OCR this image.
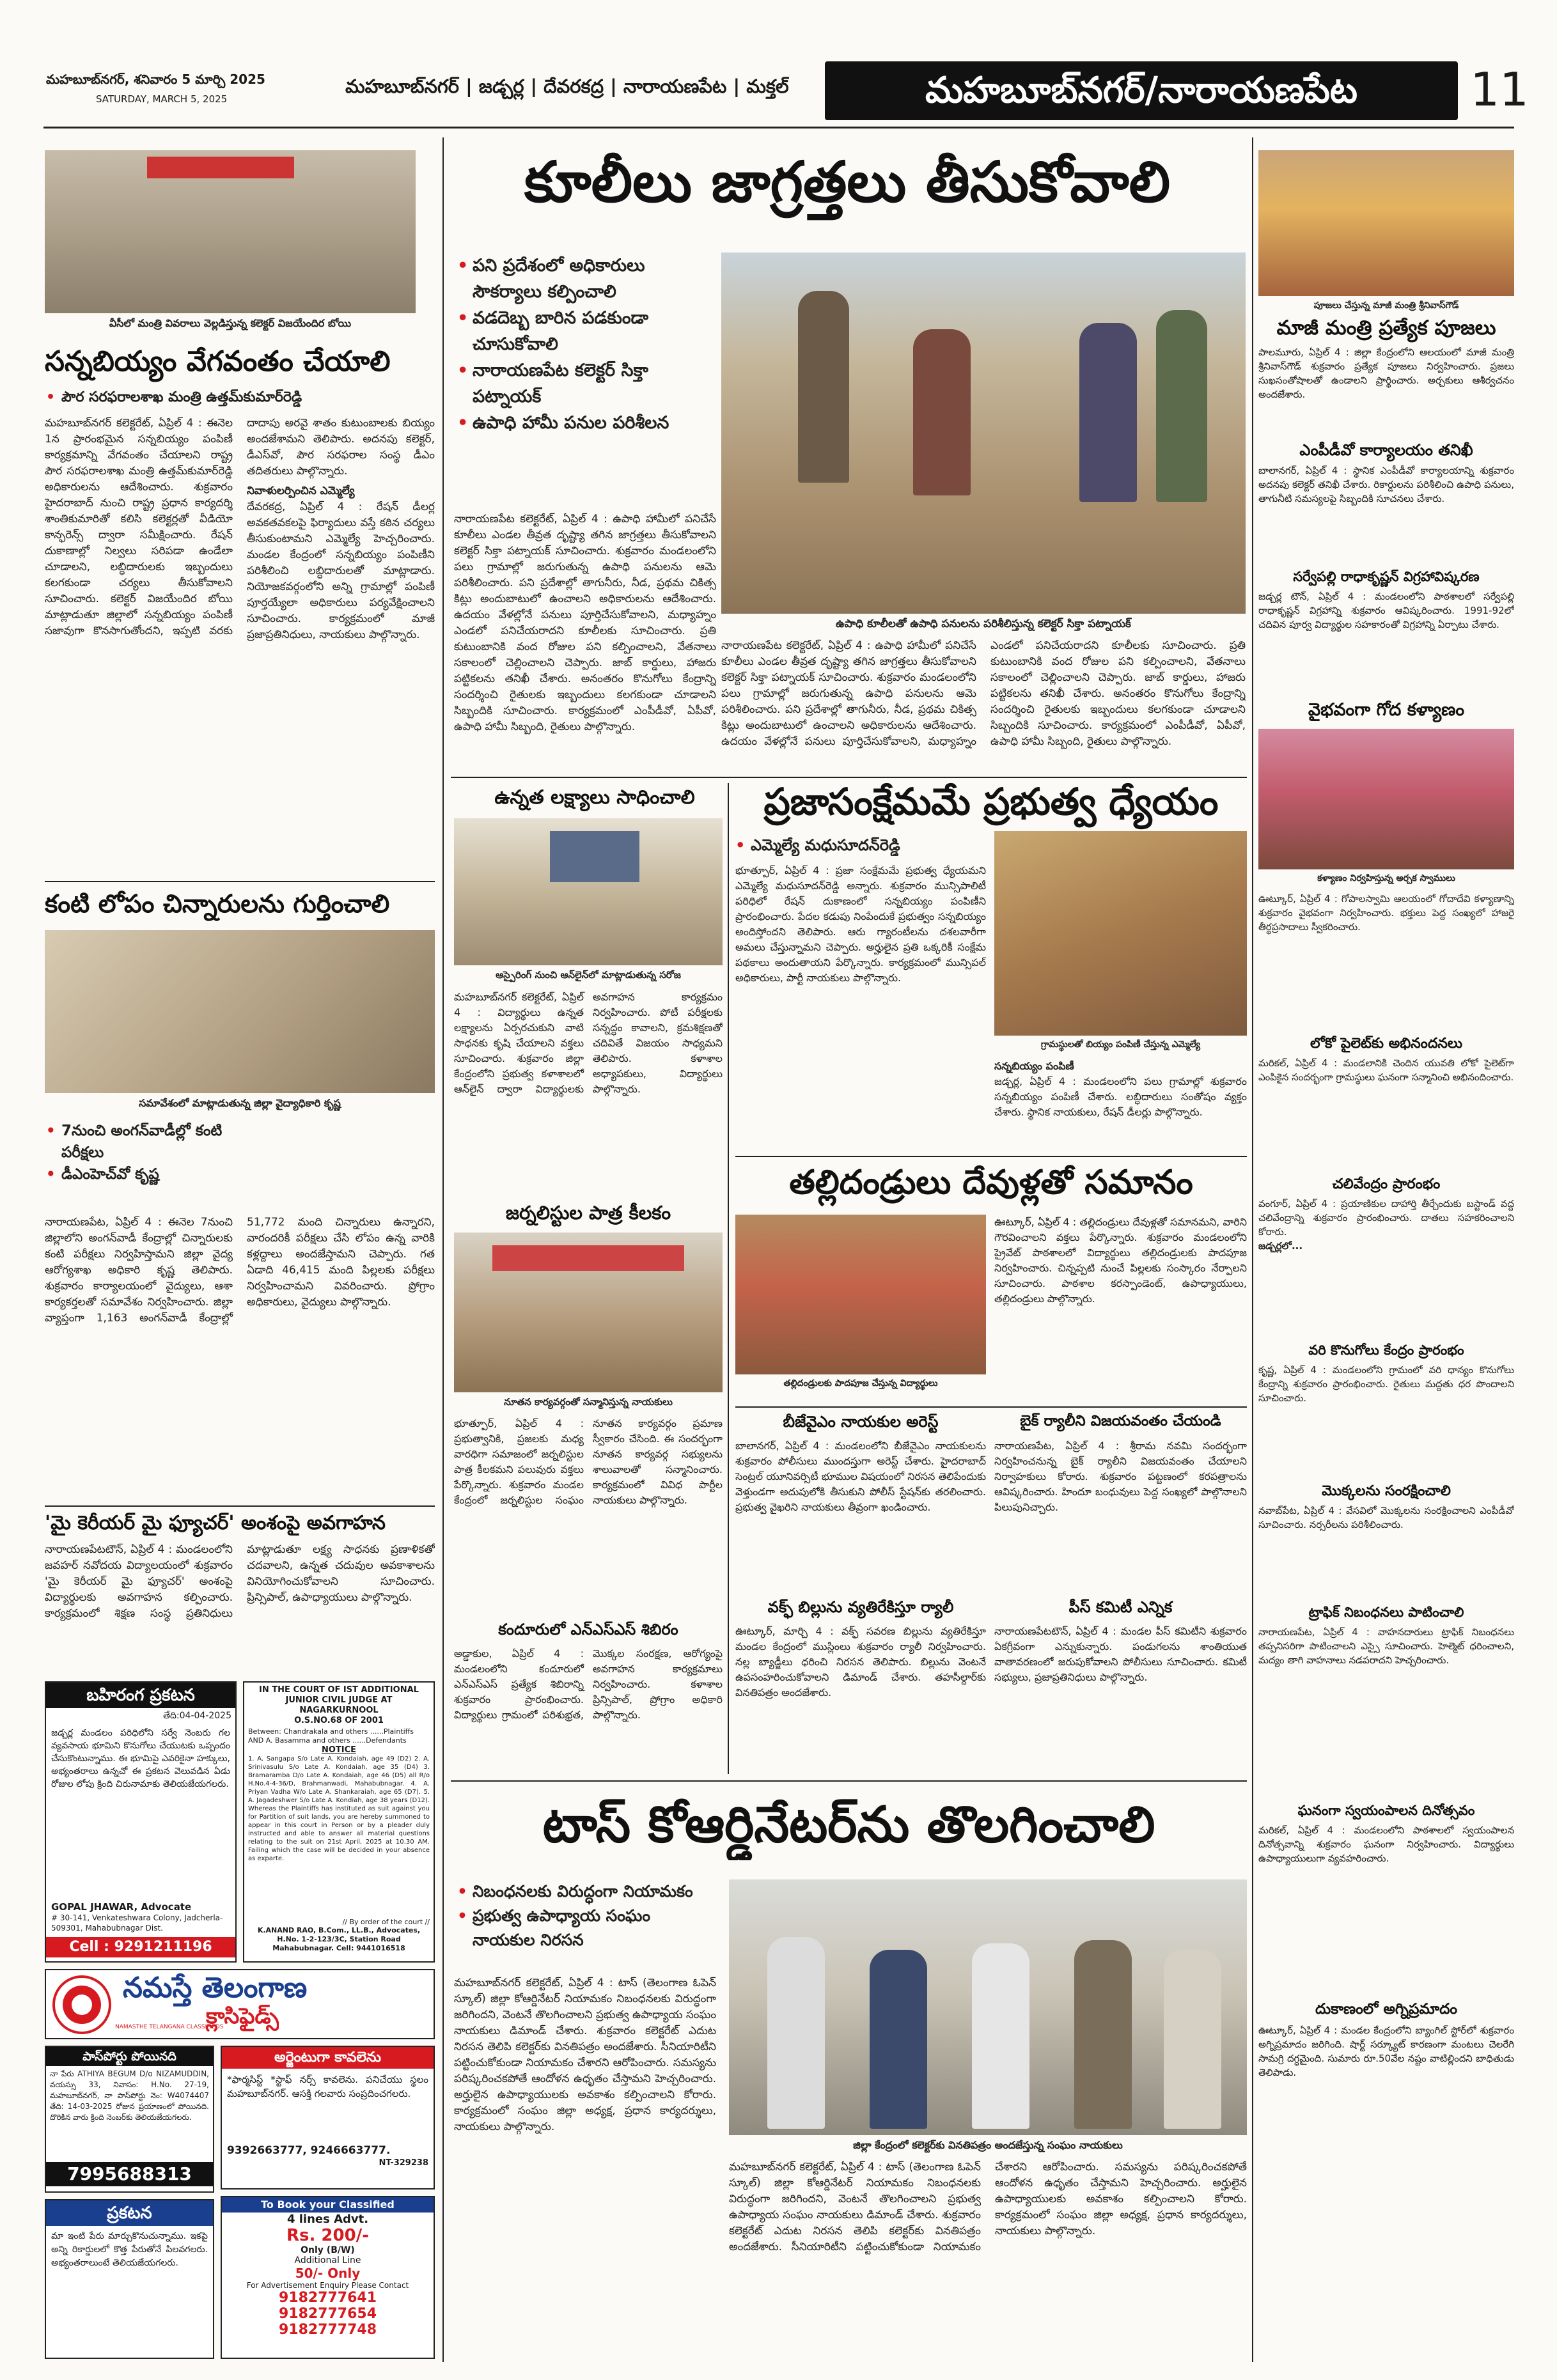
మహబూబ్‌నగర్, శనివారం 5 మార్చి 2025
SATURDAY, MARCH 5, 2025
మహబూబ్‌నగర్ | జడ్చర్ల | దేవరకద్ర | నారాయణపేట | మక్తల్	మహబూబ్‌నగర్/నారాయణపేట	11
వీసీలో మంత్రి వివరాలు వెల్లడిస్తున్న కలెక్టర్ విజయేందిర బోయి
సన్నబియ్యం వేగవంతం చేయాలి
• పౌర సరఫరాలశాఖ మంత్రి ఉత్తమ్‌కుమార్‌రెడ్డి
మహబూబ్‌నగర్ కలెక్టరేట్, ఏప్రిల్ 4 : ఈనెల 1న ప్రారంభమైన సన్నబియ్యం పంపిణీ కార్యక్రమాన్ని వేగవంతం చేయాలని రాష్ట్ర పౌర సరఫరాలశాఖ మంత్రి ఉత్తమ్‌కుమార్‌రెడ్డి అధికారులను ఆదేశించారు. శుక్రవారం హైదరాబాద్ నుంచి రాష్ట్ర ప్రధాన కార్యదర్శి శాంతికుమారితో కలిసి కలెక్టర్లతో వీడియో కాన్ఫరెన్స్ ద్వారా సమీక్షించారు. రేషన్ దుకాణాల్లో నిల్వలు సరిపడా ఉండేలా చూడాలని, లబ్ధిదారులకు ఇబ్బందులు కలగకుండా చర్యలు తీసుకోవాలని సూచించారు. కలెక్టర్ విజయేందిర బోయి మాట్లాడుతూ జిల్లాలో సన్నబియ్యం పంపిణీ సజావుగా కొనసాగుతోందని, ఇప్పటి వరకు దాదాపు అరవై శాతం కుటుంబాలకు బియ్యం అందజేశామని తెలిపారు. అదనపు కలెక్టర్, డీఎస్‌వో, పౌర సరఫరాల సంస్థ డీఎం తదితరులు పాల్గొన్నారు.
నివాళులర్పించిన ఎమ్మెల్యే
దేవరకద్ర, ఏప్రిల్ 4 : రేషన్ డీలర్ల అవకతవకలపై ఫిర్యాదులు వస్తే కఠిన చర్యలు తీసుకుంటామని ఎమ్మెల్యే హెచ్చరించారు. మండల కేంద్రంలో సన్నబియ్యం పంపిణీని పరిశీలించి లబ్ధిదారులతో మాట్లాడారు. నియోజకవర్గంలోని అన్ని గ్రామాల్లో పంపిణీ పూర్తయ్యేలా అధికారులు పర్యవేక్షించాలని సూచించారు. కార్యక్రమంలో మాజీ ప్రజాప్రతినిధులు, నాయకులు పాల్గొన్నారు.
కంటి లోపం చిన్నారులను గుర్తించాలి
సమావేశంలో మాట్లాడుతున్న జిల్లా వైద్యాధికారి కృష్ణ
• 7నుంచి అంగన్‌వాడీల్లో కంటి పరీక్షలు
• డీఎంహెచ్‌వో కృష్ణ
నారాయణపేట, ఏప్రిల్ 4 : ఈనెల 7నుంచి జిల్లాలోని అంగన్‌వాడీ కేంద్రాల్లో చిన్నారులకు కంటి పరీక్షలు నిర్వహిస్తామని జిల్లా వైద్య ఆరోగ్యశాఖ అధికారి కృష్ణ తెలిపారు. శుక్రవారం కార్యాలయంలో వైద్యులు, ఆశా కార్యకర్తలతో సమావేశం నిర్వహించారు. జిల్లా వ్యాప్తంగా 1,163 అంగన్‌వాడీ కేంద్రాల్లో 51,772 మంది చిన్నారులు ఉన్నారని, వారందరికీ పరీక్షలు చేసి లోపం ఉన్న వారికి కళ్లద్దాలు అందజేస్తామని చెప్పారు. గత ఏడాది 46,415 మంది పిల్లలకు పరీక్షలు నిర్వహించామని వివరించారు. ప్రోగ్రాం అధికారులు, వైద్యులు పాల్గొన్నారు.
'మై కెరీయర్ మై ఫ్యూచర్' అంశంపై అవగాహన
నారాయణపేటటౌన్, ఏప్రిల్ 4 : మండలంలోని జవహర్ నవోదయ విద్యాలయంలో శుక్రవారం 'మై కెరీయర్ మై ఫ్యూచర్' అంశంపై విద్యార్థులకు అవగాహన కల్పించారు. కార్యక్రమంలో శిక్షణ సంస్థ ప్రతినిధులు మాట్లాడుతూ లక్ష్య సాధనకు ప్రణాళికతో చదవాలని, ఉన్నత చదువుల అవకాశాలను వినియోగించుకోవాలని సూచించారు. ప్రిన్సిపాల్, ఉపాధ్యాయులు పాల్గొన్నారు.
బహిరంగ ప్రకటన
తేది:04-04-2025
జడ్చర్ల మండలం పరిధిలోని సర్వే నెంబరు గల వ్యవసాయ భూమిని కొనుగోలు చేయుటకు ఒప్పందం చేసుకొంటున్నాము. ఈ భూమిపై ఎవరికైనా హక్కులు, అభ్యంతరాలు ఉన్నచో ఈ ప్రకటన వెలువడిన ఏడు రోజుల లోపు క్రింది చిరునామాకు తెలియజేయగలరు.
GOPAL JHAWAR, Advocate
# 30-141, Venkateshwara Colony, Jadcherla-509301, Mahabubnagar Dist.
Cell : 9291211196
IN THE COURT OF IST ADDITIONAL JUNIOR CIVIL JUDGE AT NAGARKURNOOL
O.S.NO.68 OF 2001
Between: Chandrakala and others ......Plaintiffs AND A. Basamma and others ......Defendants
NOTICE
1. A. Sangapa S/o Late A. Kondaiah, age 49 (D2) 2. A. Srinivasulu S/o Late A. Kondaiah, age 35 (D4) 3. Bramaramba D/o Late A. Kondaiah, age 46 (D5) all R/o H.No.4-4-36/D, Brahmanwadi, Mahabubnagar. 4. A. Priyan Vadha W/o Late A. Shankaraiah, age 65 (D7). 5. A. Jagadeshwer S/o Late A. Kondiah, age 38 years (D12). Whereas the Plaintiffs has instituted as suit against you for Partition of suit lands, you are hereby summoned to appear in this court in Person or by a pleader duly instructed and able to answer all material questions relating to the suit on 21st April, 2025 at 10.30 AM. Failing which the case will be decided in your absence as exparte.
// By order of the court //
K.ANAND RAO, B.Com., LL.B., Advocates, H.No. 1-2-123/3C, Station Road Mahabubnagar. Cell: 9441016518
NAMASTHE TELANGANA CLASSIFIEDS
నమస్తే తెలంగాణ
క్లాసిఫైడ్స్
పాస్‌పోర్టు పోయినది
నా పేరు ATHIYA BEGUM D/o NIZAMUDDIN, వయస్సు 33, నివాసం: H.No. 27-19, మహబూబ్‌నగర్, నా పాస్‌పోర్టు నెం: W4074407 తేది: 14-03-2025 రోజున ప్రయాణంలో పోయినది. దొరికిన వారు క్రింది నెంబర్‌కు తెలియజేయగలరు.
7995688313
ప్రకటన
మా ఇంటి పేరు మార్చుకొనుచున్నాము. ఇకపై అన్ని రికార్డులలో కొత్త పేరుతోనే పిలవగలరు. అభ్యంతరాలుంటే తెలియజేయగలరు.
అర్జెంటుగా కావలెను
*ఫార్మసిస్ట్ *స్టాఫ్ నర్స్ కావలెను. పనిచేయు స్థలం మహబూబ్‌నగర్. ఆసక్తి గలవారు సంప్రదించగలరు.
9392663777, 9246663777.
NT-329238
To Book your Classified
4 lines Advt.
Rs. 200/-
Only (B/W)
Additional Line
50/- Only
For Advertisement Enquiry Please Contact
9182777641
9182777654
9182777748
కూలీలు జాగ్రత్తలు తీసుకోవాలి
• పని ప్రదేశంలో అధికారులు సౌకర్యాలు కల్పించాలి
• వడదెబ్బ బారిన పడకుండా చూసుకోవాలి
• నారాయణపేట కలెక్టర్ సిక్తా పట్నాయక్
• ఉపాధి హామీ పనుల పరిశీలన
ఉపాధి కూలీలతో ఉపాధి పనులను పరిశీలిస్తున్న కలెక్టర్ సిక్తా పట్నాయక్
నారాయణపేట కలెక్టరేట్, ఏప్రిల్ 4 : ఉపాధి హామీలో పనిచేసే కూలీలు ఎండల తీవ్రత దృష్ట్యా తగిన జాగ్రత్తలు తీసుకోవాలని కలెక్టర్ సిక్తా పట్నాయక్ సూచించారు. శుక్రవారం మండలంలోని పలు గ్రామాల్లో జరుగుతున్న ఉపాధి పనులను ఆమె పరిశీలించారు. పని ప్రదేశాల్లో తాగునీరు, నీడ, ప్రథమ చికిత్స కిట్లు అందుబాటులో ఉంచాలని అధికారులను ఆదేశించారు. ఉదయం వేళల్లోనే పనులు పూర్తిచేసుకోవాలని, మధ్యాహ్నం ఎండలో పనిచేయరాదని కూలీలకు సూచించారు. ప్రతి కుటుంబానికి వంద రోజుల పని కల్పించాలని, వేతనాలు సకాలంలో చెల్లించాలని చెప్పారు. జాబ్ కార్డులు, హాజరు పట్టికలను తనిఖీ చేశారు. అనంతరం కొనుగోలు కేంద్రాన్ని సందర్శించి రైతులకు ఇబ్బందులు కలగకుండా చూడాలని సిబ్బందికి సూచించారు. కార్యక్రమంలో ఎంపీడీవో, ఏపీవో, ఉపాధి హామీ సిబ్బంది, రైతులు పాల్గొన్నారు.
నారాయణపేట కలెక్టరేట్, ఏప్రిల్ 4 : ఉపాధి హామీలో పనిచేసే కూలీలు ఎండల తీవ్రత దృష్ట్యా తగిన జాగ్రత్తలు తీసుకోవాలని కలెక్టర్ సిక్తా పట్నాయక్ సూచించారు. శుక్రవారం మండలంలోని పలు గ్రామాల్లో జరుగుతున్న ఉపాధి పనులను ఆమె పరిశీలించారు. పని ప్రదేశాల్లో తాగునీరు, నీడ, ప్రథమ చికిత్స కిట్లు అందుబాటులో ఉంచాలని అధికారులను ఆదేశించారు. ఉదయం వేళల్లోనే పనులు పూర్తిచేసుకోవాలని, మధ్యాహ్నం ఎండలో పనిచేయరాదని కూలీలకు సూచించారు. ప్రతి కుటుంబానికి వంద రోజుల పని కల్పించాలని, వేతనాలు సకాలంలో చెల్లించాలని చెప్పారు. జాబ్ కార్డులు, హాజరు పట్టికలను తనిఖీ చేశారు. అనంతరం కొనుగోలు కేంద్రాన్ని సందర్శించి రైతులకు ఇబ్బందులు కలగకుండా చూడాలని సిబ్బందికి సూచించారు. కార్యక్రమంలో ఎంపీడీవో, ఏపీవో, ఉపాధి హామీ సిబ్బంది, రైతులు పాల్గొన్నారు.
ఉన్నత లక్ష్యాలు సాధించాలి
ఆస్పైరింగ్ నుంచి ఆన్‌లైన్‌లో మాట్లాడుతున్న సరోజ
మహబూబ్‌నగర్ కలెక్టరేట్, ఏప్రిల్ 4 : విద్యార్థులు ఉన్నత లక్ష్యాలను ఏర్పరచుకుని వాటి సాధనకు కృషి చేయాలని వక్తలు సూచించారు. శుక్రవారం జిల్లా కేంద్రంలోని ప్రభుత్వ కళాశాలలో ఆన్‌లైన్ ద్వారా విద్యార్థులకు అవగాహన కార్యక్రమం నిర్వహించారు. పోటీ పరీక్షలకు సన్నద్ధం కావాలని, క్రమశిక్షణతో చదివితే విజయం సాధ్యమని తెలిపారు. కళాశాల అధ్యాపకులు, విద్యార్థులు పాల్గొన్నారు.
జర్నలిస్టుల పాత్ర కీలకం
నూతన కార్యవర్గంతో సన్మానిస్తున్న నాయకులు
భూత్పూర్, ఏప్రిల్ 4 : ప్రభుత్వానికి, ప్రజలకు మధ్య వారధిగా సమాజంలో జర్నలిస్టుల పాత్ర కీలకమని పలువురు వక్తలు పేర్కొన్నారు. శుక్రవారం మండల కేంద్రంలో జర్నలిస్టుల సంఘం నూతన కార్యవర్గం ప్రమాణ స్వీకారం చేసింది. ఈ సందర్భంగా నూతన కార్యవర్గ సభ్యులను శాలువాలతో సన్మానించారు. కార్యక్రమంలో వివిధ పార్టీల నాయకులు పాల్గొన్నారు.
కందూరులో ఎన్‌ఎస్‌ఎస్ శిబిరం
అడ్డాకుల, ఏప్రిల్ 4 : మండలంలోని కందూరులో ఎన్‌ఎస్‌ఎస్ ప్రత్యేక శిబిరాన్ని శుక్రవారం ప్రారంభించారు. విద్యార్థులు గ్రామంలో పరిశుభ్రత, మొక్కల సంరక్షణ, ఆరోగ్యంపై అవగాహన కార్యక్రమాలు నిర్వహించారు. కళాశాల ప్రిన్సిపాల్, ప్రోగ్రాం అధికారి పాల్గొన్నారు.
ప్రజాసంక్షేమమే ప్రభుత్వ ధ్యేయం
• ఎమ్మెల్యే మధుసూదన్‌రెడ్డి
గ్రామస్థులతో బియ్యం పంపిణీ చేస్తున్న ఎమ్మెల్యే
భూత్పూర్, ఏప్రిల్ 4 : ప్రజా సంక్షేమమే ప్రభుత్వ ధ్యేయమని ఎమ్మెల్యే మధుసూదన్‌రెడ్డి అన్నారు. శుక్రవారం మున్సిపాలిటీ పరిధిలో రేషన్ దుకాణంలో సన్నబియ్యం పంపిణీని ప్రారంభించారు. పేదల కడుపు నింపేందుకే ప్రభుత్వం సన్నబియ్యం అందిస్తోందని తెలిపారు. ఆరు గ్యారంటీలను దశలవారీగా అమలు చేస్తున్నామని చెప్పారు. అర్హులైన ప్రతి ఒక్కరికీ సంక్షేమ పథకాలు అందుతాయని పేర్కొన్నారు. కార్యక్రమంలో మున్సిపల్ అధికారులు, పార్టీ నాయకులు పాల్గొన్నారు.
సన్నబియ్యం పంపిణీ
జడ్చర్ల, ఏప్రిల్ 4 : మండలంలోని పలు గ్రామాల్లో శుక్రవారం సన్నబియ్యం పంపిణీ చేశారు. లబ్ధిదారులు సంతోషం వ్యక్తం చేశారు. స్థానిక నాయకులు, రేషన్ డీలర్లు పాల్గొన్నారు.
తల్లిదండ్రులు దేవుళ్లతో సమానం
తల్లిదండ్రులకు పాదపూజ చేస్తున్న విద్యార్థులు
ఊట్కూర్, ఏప్రిల్ 4 : తల్లిదండ్రులు దేవుళ్లతో సమానమని, వారిని గౌరవించాలని వక్తలు పేర్కొన్నారు. శుక్రవారం మండలంలోని ప్రైవేట్ పాఠశాలలో విద్యార్థులు తల్లిదండ్రులకు పాదపూజ నిర్వహించారు. చిన్నప్పటి నుంచే పిల్లలకు సంస్కారం నేర్పాలని సూచించారు. పాఠశాల కరస్పాండెంట్, ఉపాధ్యాయులు, తల్లిదండ్రులు పాల్గొన్నారు.
బీజేవైఎం నాయకుల అరెస్ట్
బాలానగర్, ఏప్రిల్ 4 : మండలంలోని బీజేవైఎం నాయకులను శుక్రవారం పోలీసులు ముందస్తుగా అరెస్ట్ చేశారు. హైదరాబాద్ సెంట్రల్ యూనివర్సిటీ భూముల విషయంలో నిరసన తెలిపేందుకు వెళ్తుండగా అదుపులోకి తీసుకుని పోలీస్ స్టేషన్‌కు తరలించారు. ప్రభుత్వ వైఖరిని నాయకులు తీవ్రంగా ఖండించారు.
వక్ఫ్ బిల్లును వ్యతిరేకిస్తూ ర్యాలీ
ఊట్కూర్, మార్చి 4 : వక్ఫ్ సవరణ బిల్లును వ్యతిరేకిస్తూ మండల కేంద్రంలో ముస్లింలు శుక్రవారం ర్యాలీ నిర్వహించారు. నల్ల బ్యాడ్జీలు ధరించి నిరసన తెలిపారు. బిల్లును వెంటనే ఉపసంహరించుకోవాలని డిమాండ్ చేశారు. తహసీల్దార్‌కు వినతిపత్రం అందజేశారు.
బైక్ ర్యాలీని విజయవంతం చేయండి
నారాయణపేట, ఏప్రిల్ 4 : శ్రీరామ నవమి సందర్భంగా నిర్వహించనున్న బైక్ ర్యాలీని విజయవంతం చేయాలని నిర్వాహకులు కోరారు. శుక్రవారం పట్టణంలో కరపత్రాలను ఆవిష్కరించారు. హిందూ బంధువులు పెద్ద సంఖ్యలో పాల్గొనాలని పిలుపునిచ్చారు.
పీస్ కమిటీ ఎన్నిక
నారాయణపేటటౌన్, ఏప్రిల్ 4 : మండల పీస్ కమిటీని శుక్రవారం ఏకగ్రీవంగా ఎన్నుకున్నారు. పండుగలను శాంతియుత వాతావరణంలో జరుపుకోవాలని పోలీసులు సూచించారు. కమిటీ సభ్యులు, ప్రజాప్రతినిధులు పాల్గొన్నారు.
టాస్ కోఆర్డినేటర్‌ను తొలగించాలి
• నిబంధనలకు విరుద్ధంగా నియామకం
• ప్రభుత్వ ఉపాధ్యాయ సంఘం నాయకుల నిరసన
జిల్లా కేంద్రంలో కలెక్టర్‌కు వినతిపత్రం అందజేస్తున్న సంఘం నాయకులు
మహబూబ్‌నగర్ కలెక్టరేట్, ఏప్రిల్ 4 : టాస్ (తెలంగాణ ఓపెన్ స్కూల్) జిల్లా కోఆర్డినేటర్ నియామకం నిబంధనలకు విరుద్ధంగా జరిగిందని, వెంటనే తొలగించాలని ప్రభుత్వ ఉపాధ్యాయ సంఘం నాయకులు డిమాండ్ చేశారు. శుక్రవారం కలెక్టరేట్ ఎదుట నిరసన తెలిపి కలెక్టర్‌కు వినతిపత్రం అందజేశారు. సీనియారిటీని పట్టించుకోకుండా నియామకం చేశారని ఆరోపించారు. సమస్యను పరిష్కరించకపోతే ఆందోళన ఉధృతం చేస్తామని హెచ్చరించారు. అర్హులైన ఉపాధ్యాయులకు అవకాశం కల్పించాలని కోరారు. కార్యక్రమంలో సంఘం జిల్లా అధ్యక్ష, ప్రధాన కార్యదర్శులు, నాయకులు పాల్గొన్నారు.
మహబూబ్‌నగర్ కలెక్టరేట్, ఏప్రిల్ 4 : టాస్ (తెలంగాణ ఓపెన్ స్కూల్) జిల్లా కోఆర్డినేటర్ నియామకం నిబంధనలకు విరుద్ధంగా జరిగిందని, వెంటనే తొలగించాలని ప్రభుత్వ ఉపాధ్యాయ సంఘం నాయకులు డిమాండ్ చేశారు. శుక్రవారం కలెక్టరేట్ ఎదుట నిరసన తెలిపి కలెక్టర్‌కు వినతిపత్రం అందజేశారు. సీనియారిటీని పట్టించుకోకుండా నియామకం చేశారని ఆరోపించారు. సమస్యను పరిష్కరించకపోతే ఆందోళన ఉధృతం చేస్తామని హెచ్చరించారు. అర్హులైన ఉపాధ్యాయులకు అవకాశం కల్పించాలని కోరారు. కార్యక్రమంలో సంఘం జిల్లా అధ్యక్ష, ప్రధాన కార్యదర్శులు, నాయకులు పాల్గొన్నారు.
పూజలు చేస్తున్న మాజీ మంత్రి శ్రీనివాస్‌గౌడ్
మాజీ మంత్రి ప్రత్యేక పూజలు
పాలమూరు, ఏప్రిల్ 4 : జిల్లా కేంద్రంలోని ఆలయంలో మాజీ మంత్రి శ్రీనివాస్‌గౌడ్ శుక్రవారం ప్రత్యేక పూజలు నిర్వహించారు. ప్రజలు సుఖసంతోషాలతో ఉండాలని ప్రార్థించారు. అర్చకులు ఆశీర్వచనం అందజేశారు.
ఎంపీడీవో కార్యాలయం తనిఖీ
బాలానగర్, ఏప్రిల్ 4 : స్థానిక ఎంపీడీవో కార్యాలయాన్ని శుక్రవారం అదనపు కలెక్టర్ తనిఖీ చేశారు. రికార్డులను పరిశీలించి ఉపాధి పనులు, తాగునీటి సమస్యలపై సిబ్బందికి సూచనలు చేశారు.
సర్వేపల్లి రాధాకృష్ణన్ విగ్రహావిష్కరణ
జడ్చర్ల టౌన్, ఏప్రిల్ 4 : మండలంలోని పాఠశాలలో సర్వేపల్లి రాధాకృష్ణన్ విగ్రహాన్ని శుక్రవారం ఆవిష్కరించారు. 1991-92లో చదివిన పూర్వ విద్యార్థుల సహకారంతో విగ్రహాన్ని ఏర్పాటు చేశారు.
వైభవంగా గోద కళ్యాణం
కళ్యాణం నిర్వహిస్తున్న అర్చక స్వాములు
ఊట్కూర్, ఏప్రిల్ 4 : గోపాలస్వామి ఆలయంలో గోదాదేవి కళ్యాణాన్ని శుక్రవారం వైభవంగా నిర్వహించారు. భక్తులు పెద్ద సంఖ్యలో హాజరై తీర్థప్రసాదాలు స్వీకరించారు.
లోకో పైలెట్‌కు అభినందనలు
మరికల్, ఏప్రిల్ 4 : మండలానికి చెందిన యువతి లోకో పైలెట్‌గా ఎంపికైన సందర్భంగా గ్రామస్థులు ఘనంగా సన్మానించి అభినందించారు.
చలివేంద్రం ప్రారంభం
వంగూర్, ఏప్రిల్ 4 : ప్రయాణికుల దాహార్తి తీర్చేందుకు బస్టాండ్ వద్ద చలివేంద్రాన్ని శుక్రవారం ప్రారంభించారు. దాతలు సహకరించాలని కోరారు.
జడ్చర్లలో...
వరి కొనుగోలు కేంద్రం ప్రారంభం
కృష్ణ, ఏప్రిల్ 4 : మండలంలోని గ్రామంలో వరి ధాన్యం కొనుగోలు కేంద్రాన్ని శుక్రవారం ప్రారంభించారు. రైతులు మద్దతు ధర పొందాలని సూచించారు.
మొక్కలను సంరక్షించాలి
నవాబ్‌పేట, ఏప్రిల్ 4 : వేసవిలో మొక్కలను సంరక్షించాలని ఎంపీడీవో సూచించారు. నర్సరీలను పరిశీలించారు.
ట్రాఫిక్ నిబంధనలు పాటించాలి
నారాయణపేట, ఏప్రిల్ 4 : వాహనదారులు ట్రాఫిక్ నిబంధనలు తప్పనిసరిగా పాటించాలని ఎస్సై సూచించారు. హెల్మెట్ ధరించాలని, మద్యం తాగి వాహనాలు నడపరాదని హెచ్చరించారు.
ఘనంగా స్వయంపాలన దినోత్సవం
మరికల్, ఏప్రిల్ 4 : మండలంలోని పాఠశాలలో స్వయంపాలన దినోత్సవాన్ని శుక్రవారం ఘనంగా నిర్వహించారు. విద్యార్థులు ఉపాధ్యాయులుగా వ్యవహరించారు.
దుకాణంలో అగ్నిప్రమాదం
ఊట్కూర్, ఏప్రిల్ 4 : మండల కేంద్రంలోని బ్యాంగిల్ స్టోర్‌లో శుక్రవారం అగ్నిప్రమాదం జరిగింది. షార్ట్ సర్క్యూట్ కారణంగా మంటలు చెలరేగి సామగ్రి దగ్ధమైంది. సుమారు రూ.50వేల నష్టం వాటిల్లిందని బాధితుడు తెలిపాడు.
